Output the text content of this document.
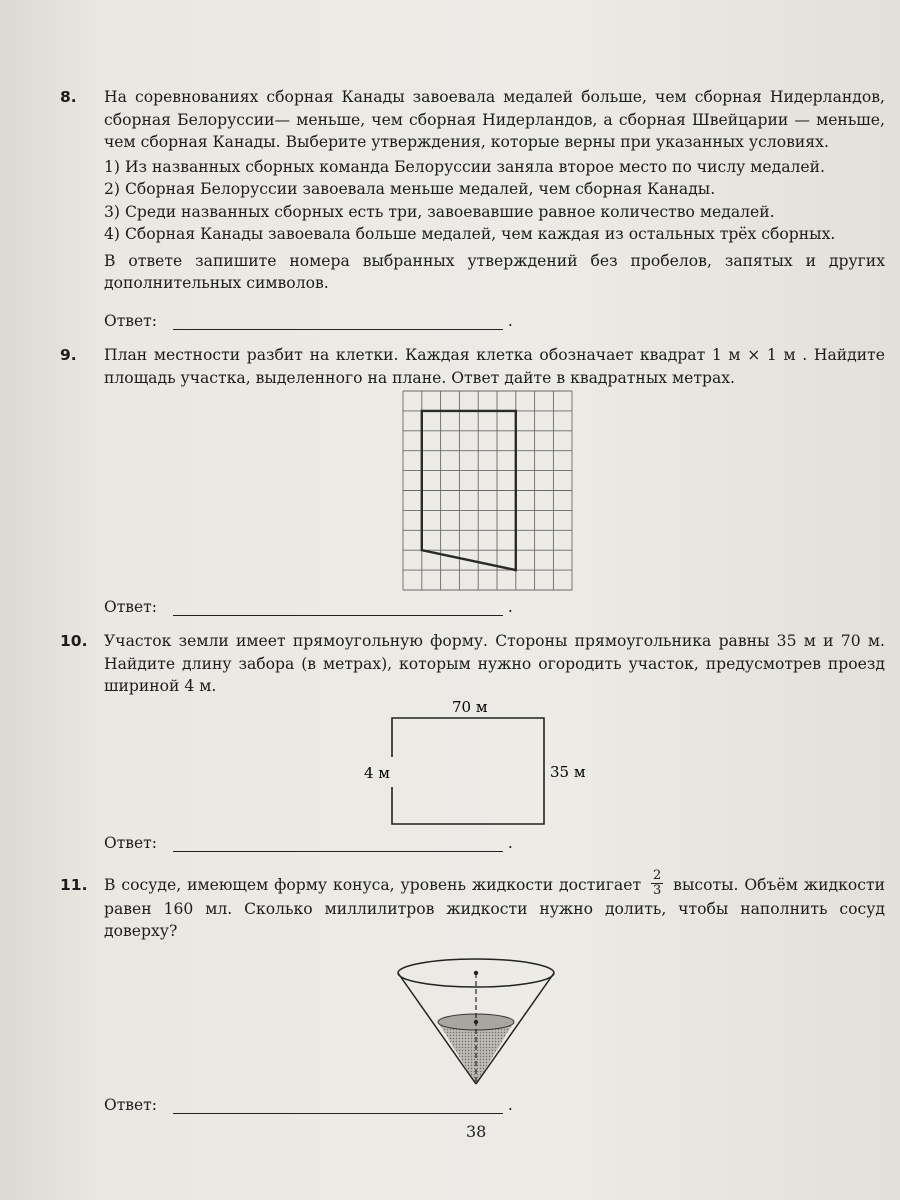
8. На соревнованиях сборная Канады завоевала медалей больше, чем сборная Нидерландов, сборная Белоруссии— меньше, чем сборная Нидерландов, а сборная Швейцарии — меньше, чем сборная Канады. Выберите утверждения, которые верны при указанных условиях.
1) Из названных сборных команда Белоруссии заняла второе место по числу медалей.
2) Сборная Белоруссии завоевала меньше медалей, чем сборная Канады.
3) Среди названных сборных есть три, завоевавшие равное количество медалей.
4) Сборная Канады завоевала больше медалей, чем каждая из остальных трёх сборных.
В ответе запишите номера выбранных утверждений без пробелов, запятых и других дополнительных символов.
Ответ:	.
9. План местности разбит на клетки. Каждая клетка обозначает квадрат 1 м × 1 м . Найдите площадь участка, выделенного на плане. Ответ дайте в квадратных метрах.
Ответ:	.
10. Участок земли имеет прямоугольную форму. Стороны прямоугольника равны 35 м и 70 м. Найдите длину забора (в метрах), которым нужно огородить участок, предусмотрев проезд шириной 4 м.
70 м
4 м	35 м
Ответ:	.
11. В сосуде, имеющем форму конуса, уровень жидкости достигает $\frac{2}{3}$ высоты. Объём жидкости равен 160 мл. Сколько миллилитров жидкости нужно долить, чтобы наполнить сосуд доверху?
Ответ:	.
38
